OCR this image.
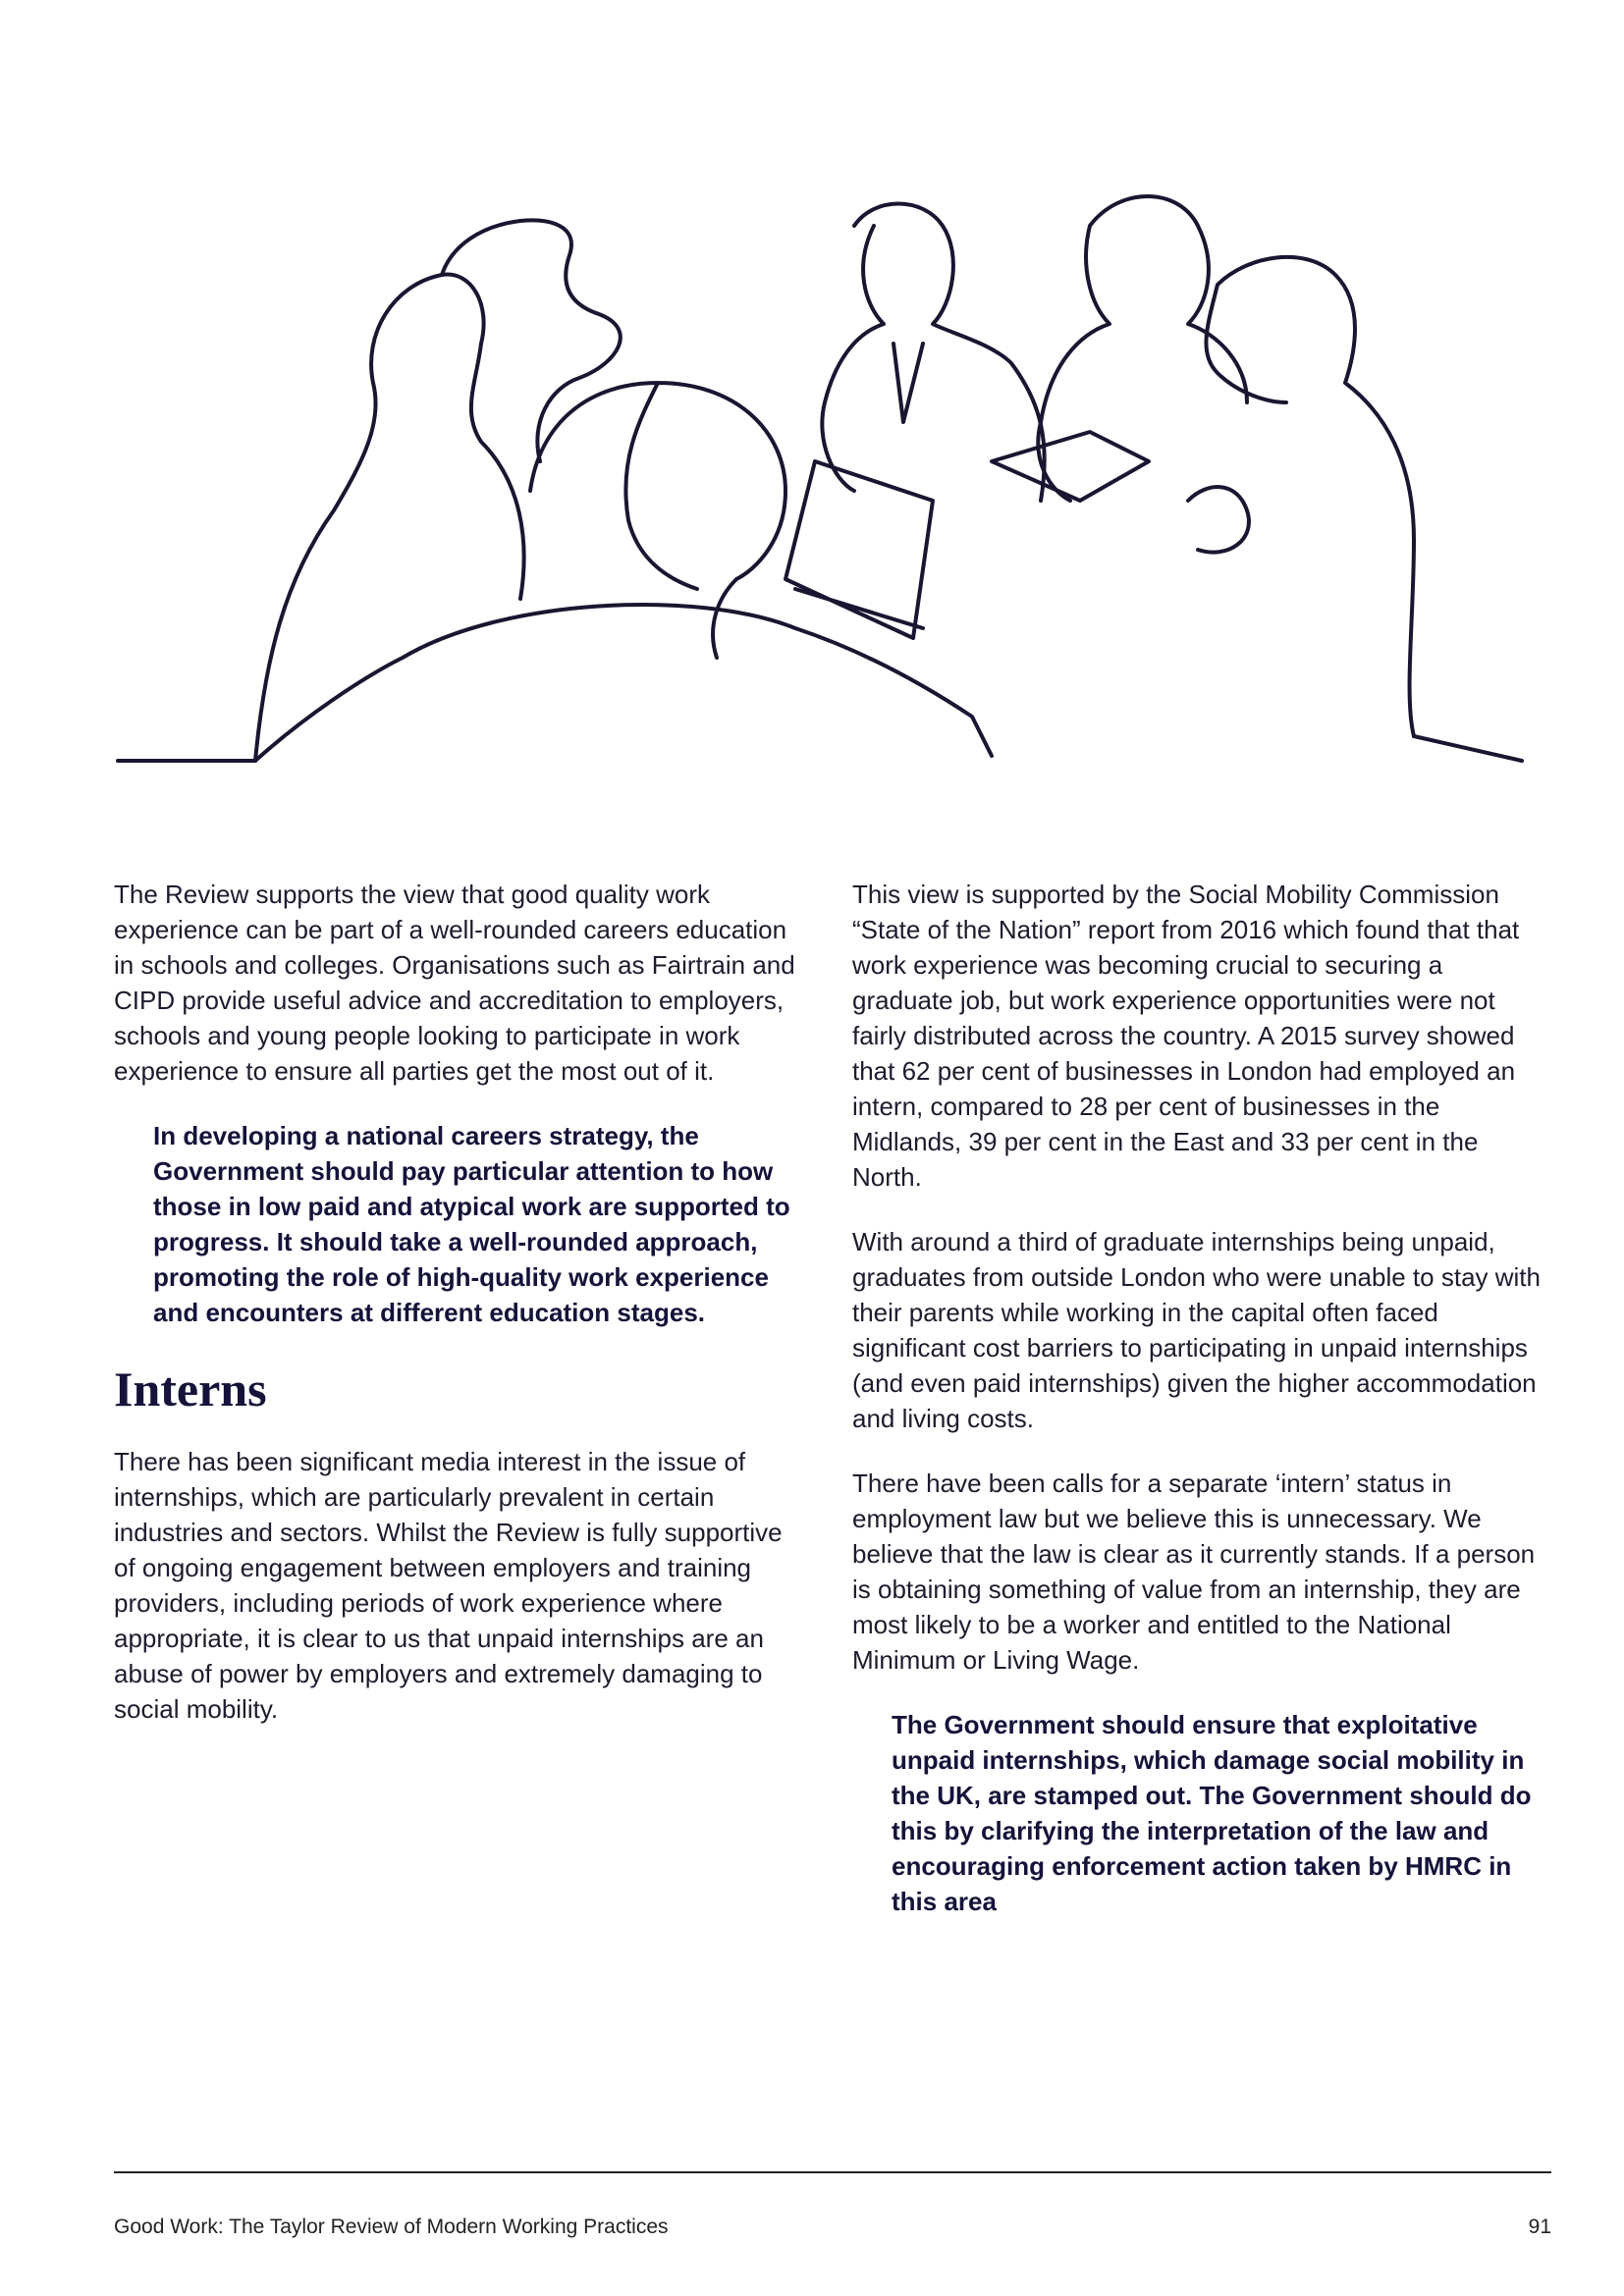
The Review supports the view that good quality work experience can be part of a well-rounded careers education in schools and colleges. Organisations such as Fairtrain and CIPD provide useful advice and accreditation to employers, schools and young people looking to participate in work experience to ensure all parties get the most out of it.

In developing a national careers strategy, the Government should pay particular attention to how those in low paid and atypical work are supported to progress. It should take a well-rounded approach, promoting the role of high-quality work experience and encounters at different education stages.

Interns

There has been significant media interest in the issue of internships, which are particularly prevalent in certain industries and sectors. Whilst the Review is fully supportive of ongoing engagement between employers and training providers, including periods of work experience where appropriate, it is clear to us that unpaid internships are an abuse of power by employers and extremely damaging to social mobility.

This view is supported by the Social Mobility Commission “State of the Nation” report from 2016 which found that that work experience was becoming crucial to securing a graduate job, but work experience opportunities were not fairly distributed across the country. A 2015 survey showed that 62 per cent of businesses in London had employed an intern, compared to 28 per cent of businesses in the Midlands, 39 per cent in the East and 33 per cent in the North.

With around a third of graduate internships being unpaid, graduates from outside London who were unable to stay with their parents while working in the capital often faced significant cost barriers to participating in unpaid internships (and even paid internships) given the higher accommodation and living costs.

There have been calls for a separate ‘intern’ status in employment law but we believe this is unnecessary. We believe that the law is clear as it currently stands. If a person is obtaining something of value from an internship, they are most likely to be a worker and entitled to the National Minimum or Living Wage.

The Government should ensure that exploitative unpaid internships, which damage social mobility in the UK, are stamped out. The Government should do this by clarifying the interpretation of the law and encouraging enforcement action taken by HMRC in this area

Good Work: The Taylor Review of Modern Working Practices	91
